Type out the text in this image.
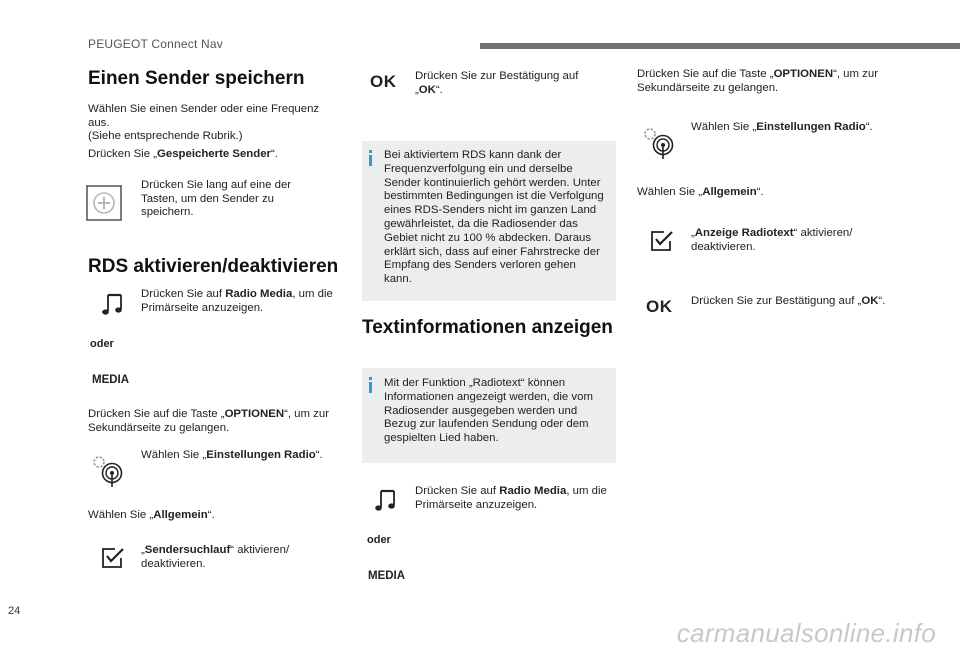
PEUGEOT Connect Nav
Einen Sender speichern
Wählen Sie einen Sender oder eine Frequenz aus.
(Siehe entsprechende Rubrik.)
Drücken Sie „Gespeicherte Sender“.
Drücken Sie lang auf eine der Tasten, um den Sender zu speichern.
RDS aktivieren/deaktivieren
Drücken Sie auf Radio Media, um die Primärseite anzuzeigen.
oder
MEDIA
Drücken Sie auf die Taste „OPTIONEN“, um zur Sekundärseite zu gelangen.
Wählen Sie „Einstellungen Radio“.
Wählen Sie „Allgemein“.
„Sendersuchlauf“ aktivieren/ deaktivieren.
OK Drücken Sie zur Bestätigung auf „OK“.
Bei aktiviertem RDS kann dank der Frequenzverfolgung ein und derselbe Sender kontinuierlich gehört werden. Unter bestimmten Bedingungen ist die Verfolgung eines RDS-Senders nicht im ganzen Land gewährleistet, da die Radiosender das Gebiet nicht zu 100 % abdecken. Daraus erklärt sich, dass auf einer Fahrstrecke der Empfang des Senders verloren gehen kann.
Textinformationen anzeigen
Mit der Funktion „Radiotext“ können Informationen angezeigt werden, die vom Radiosender ausgegeben werden und Bezug zur laufenden Sendung oder dem gespielten Lied haben.
Drücken Sie auf Radio Media, um die Primärseite anzuzeigen.
oder
MEDIA
Drücken Sie auf die Taste „OPTIONEN“, um zur Sekundärseite zu gelangen.
Wählen Sie „Einstellungen Radio“.
Wählen Sie „Allgemein“.
„Anzeige Radiotext“ aktivieren/ deaktivieren.
OK Drücken Sie zur Bestätigung auf „OK“.
24
carmanualsonline.info
